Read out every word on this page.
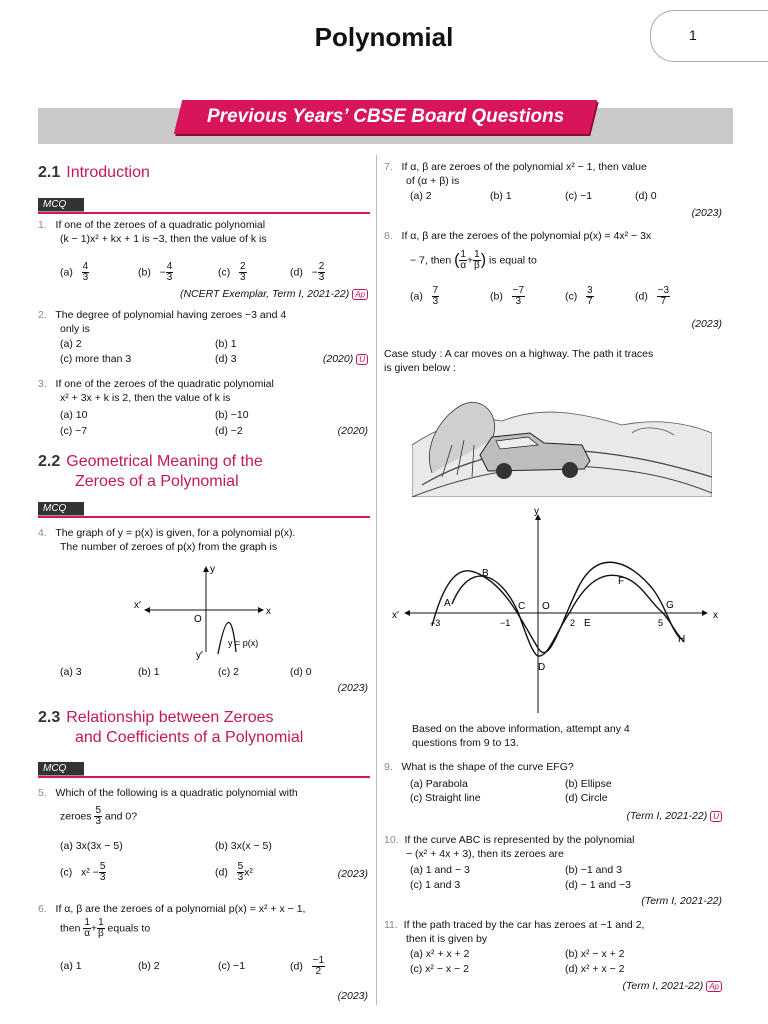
Polynomial	1
Previous Years’ CBSE Board Questions
2.1 Introduction
MCQ
1. If one of the zeroes of a quadratic polynomial
(k − 1)x² + kx + 1 is −3, then the value of k is
$(a) \frac{4}{3}$	$(b) - \frac{4}{3}$	$(c) \frac{2}{3}$	$(d) - \frac{2}{3}$
(NCERT Exemplar, Term I, 2021-22) Ap
2. The degree of polynomial having zeroes −3 and 4
only is
(a) 2	(b) 1
(c) more than 3	(d) 3	(2020) U
3. If one of the zeroes of the quadratic polynomial
x² + 3x + k is 2, then the value of k is
(a) 10	(b) −10
(c) −7	(d) −2	(2020)
2.2 Geometrical Meaning of the
Zeroes of a Polynomial
MCQ
4. The graph of y = p(x) is given, for a polynomial p(x).
The number of zeroes of p(x) from the graph is
x
x′
y
y′
O
y = p(x)
(a) 3	(b) 1	(c) 2	(d) 0
(2023)
2.3 Relationship between Zeroes
and Coefficients of a Polynomial
MCQ
5. Which of the following is a quadratic polynomial with
zeroes $\frac{5}{3}$ and 0?
(a) 3x(3x − 5)	(b) 3x(x − 5)
(c) $x^2 - \frac{5}{3}$	$(d) \frac{5}{3} x^2$	(2023)
6. If α, β are the zeroes of a polynomial p(x) = x² + x − 1,
then $\frac{1}{\alpha} + \frac{1}{\beta}$ equals to
(a) 1	(b) 2	(c) −1	$(d) \frac{-1}{2}$
(2023)
7. If α, β are zeroes of the polynomial x² − 1, then value
of (α + β) is
(a) 2	(b) 1	(c) −1	(d) 0
(2023)
8. If α, β are the zeroes of the polynomial p(x) = 4x² − 3x
− 7, then ( $\frac{1}{\alpha} + \frac{1}{\beta}$ ) is equal to
$(a) \frac{7}{3}$	$(b) \frac{-7}{3}$	$(c) \frac{3}{7}$	$(d) \frac{-3}{7}$
(2023)
Case study : A car moves on a highway. The path it traces
is given below :
x
x′
y
A
B
C O
D
E
F
G
H
−3	−1	2	5
Based on the above information, attempt any 4
questions from 9 to 13.
9. What is the shape of the curve EFG?
(a) Parabola	(b) Ellipse
(c) Straight line	(d) Circle
(Term I, 2021-22) U
10. If the curve ABC is represented by the polynomial
− (x² + 4x + 3), then its zeroes are
(a) 1 and − 3	(b) −1 and 3
(c) 1 and 3	(d) − 1 and −3
(Term I, 2021-22)
11. If the path traced by the car has zeroes at −1 and 2,
then it is given by
(a) x² + x + 2	(b) x² − x + 2
(c) x² − x − 2	(d) x² + x − 2
(Term I, 2021-22) Ap
